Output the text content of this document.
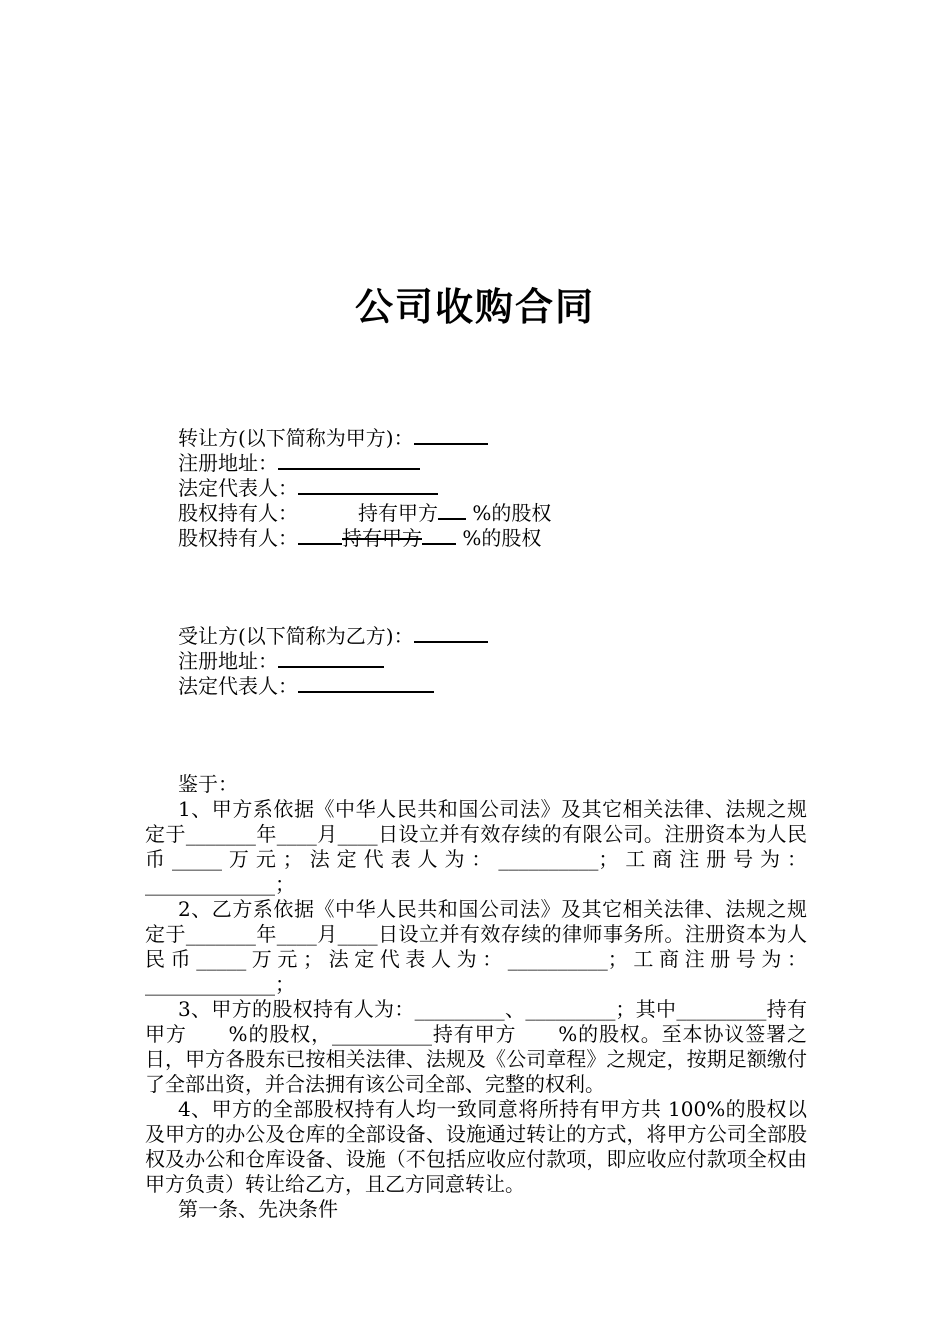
公司收购合同
转让方(以下简称为甲方)：
注册地址：
法定代表人：
股权持有人：	持有甲方 %的股权
股权持有人： 持有甲方 %的股权
受让方(以下简称为乙方)：
注册地址：
法定代表人：

鉴于：

1、甲方系依据《中华人民共和国公司法》及其它相关法律、法规之规定于_______年____月____日设立并有效存续的有限公司。注册资本为人民币_____万元；法定代表人为：__________；工商注册号为：_____________；

2、乙方系依据《中华人民共和国公司法》及其它相关法律、法规之规定于_______年____月____日设立并有效存续的律师事务所。注册资本为人民币_____万元；法定代表人为：__________；工商注册号为：_____________；

3、甲方的股权持有人为：_________、_________；其中_________持有甲方　　%的股权，__________持有甲方　　%的股权。至本协议签署之日，甲方各股东已按相关法律、法规及《公司章程》之规定，按期足额缴付了全部出资，并合法拥有该公司全部、完整的权利。

4、甲方的全部股权持有人均一致同意将所持有甲方共 100%的股权以及甲方的办公及仓库的全部设备、设施通过转让的方式，将甲方公司全部股权及办公和仓库设备、设施（不包括应收应付款项，即应收应付款项全权由甲方负责）转让给乙方，且乙方同意转让。

第一条、先决条件
